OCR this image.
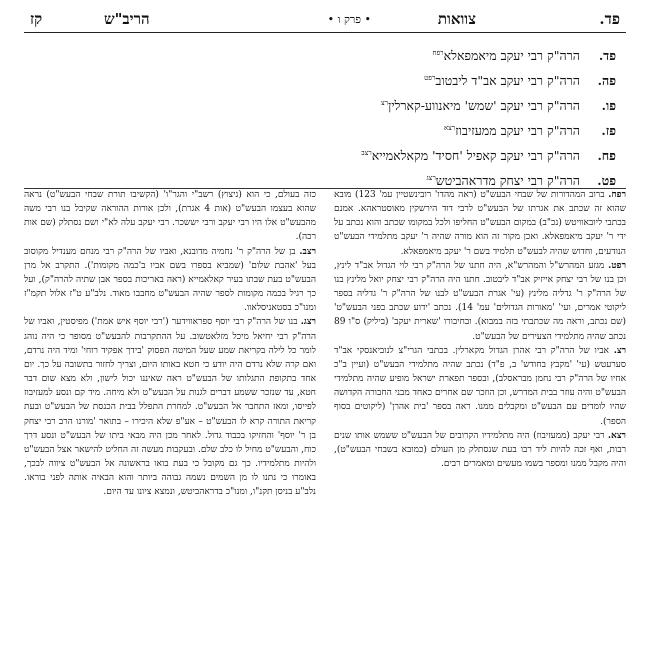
פד.
צוואות
• פרק ו •
הריב"ש
קז
פד.
הרה"ק רבי יעקב מיאמפאלא$^{רפח}$
פה.
הרה"ק רבי יעקב אב"ד ליבטוב$^{רפט}$
פו.
הרה"ק רבי יעקב 'שמש' מיאנווע-קארלין$^{רצ}$
פז.
הרה"ק רבי יעקב ממעזיבוז$^{רצא}$
פח.
הרה"ק רבי יעקב קאפיל 'חסיד' מקאלאמייא$^{רצב}$
פט.
הרה"ק רבי יצחק מדראהביטש$^{רצג}$

רפח. ברוב המהדורות של שבחי הבעש"ט (ראה מהדו' רובינשטיין עמ' 123) מובא שהוא זה שכתב את אגרתו של הבעש"ט לרבי דוד הירשקין מאוסטראהא. אמנם בכתבי ליובאוויטש (נכ"ב) במקום הבעש"ט החליפו ולכל במקומו שכתב והוא נכתב על ידי ר' יעקב מיאמפאלא. ואכן מקור זה הוא מורה שהיה ר' יעקב מתלמידי הבעש"ט הנודעים, וחדוש שהיה לבעש"ט תלמיד בשם ר' יעקב מיאמפאלא.

רפט. מגזע המהרש"ל והמהרש"א, היה חתנו של הרה"ק רבי לוי הגדול אב"ד לינץ, וכן בנו של רבי יצחק אייזיק אב"ד ליבטוב. חתנו היה הרה"ק רבי יצחק יואל מלינץ בנו של הרה"ק ר' גדליה מלינץ (עי' אגרת הבעש"ט לבנו של הרה"ק ר' גדליה בספר ליקוטי אמרים, ועי' 'מאורות הגדולים' עמ' 14). נכתב 'ידוע שכתב בפני הבעש"ט' (שם נכתב, וראה מה שכתבתי בזה במבוא). ובחיבורו 'שארית יעקב' (ביליק) ס"ו 89 נכתב שהיה מתלמידי הצעירים של הבעש"ט.

רצ. אביו של הרה"ק רבי אהרן הגדול מקארלין. בכתבי הגרי"צ לנוביאנסקי אב"ד סערעטש (עי' 'מקבץ בחודש' ב, פ"ד) נכתב שהיה מתלמידי הבעש"ט (ועיין ב"כ אחיו של הרה"ק רבי נחמן מבראסלב), ובספר תפארת ישראל מופיע שהיה מתלמידי הבעש"ט והיה עוזר בבית המדרש, וכן הוזכר שם אחרים כאחד מבני החבורה הקדושה שהיו לומדים עם הבעש"ט ומקבלים ממנו. ראה בספר 'בית אהרן' (ליקוטים בסוף הספר).

רצא. רבי יעקב (ממעזיבוז) היה מתלמידיו הקרובים של הבעש"ט ששמש אותו שנים רבות, ואף זכה להיות ליד רבו בעת שנסתלק מן העולם (כמובא בשבחי הבעש"ט), והיה מקבל ממנו ומספר בשמו מעשים ומאמרים רבים.

כזה בעולם, כי הוא (ניצוץ) רשב"י והגר"ו' (הקשיבו תורת שבחי הבעש"ט) נראה שהוא בעצמו הבעש"ט (אות 4 אגרת), ולכן אורות ההוראה שקיבל בנו רבי משה מהבעש"ט אלו היו רבי יעקב ורבי יששכר. רבי יעקב עלה לא"י ושם נסתלק (שם אות רכה).

רצב. בן של הרה"ק ר' נחמיה מדובנא, ואביו של הרה"ק רבי מנחם מענדיל מקוסוב בעל 'אהבת שלום' (שמביא בספרו בשם אביו ב'כמה מקומות'). התקרב אל מרן הבעש"ט בעת שבתו בעיר קאלאמייא (ראה באריכות בספר אבן שתיה להרה"ק), ועל כך רגיל בכמה מקומות לספר שהיה הבעש"ט מחבבו מאוד. נלב"ע ט"ז אלול תקמ"ז ומנו"כ בסטאניסלאוו.

רצג. בנו של הרה"ק רבי יוסף ספראווידער ('רבי יוסף איש אמת') מפיסטין, ואביו של הרה"ק רבי יחיאל מיכל מזלאטשוב. על ההתקרבות להבעש"ט מסופר כי היה נוהג לומר כל לילה בקריאת שמע שעל המיטה הפסוק 'בידך אפקיד רוחי' ומיד היה נרדם, ואם קרה שלא נרדם היה יודע כי חטא באותו היום, וצריך לחזור בתשובה על כך. יום אחד בתקופת התגלותו של הבעש"ט ראה שאיננו יכול לישון, ולא מצא שום דבר חטא, עד שנזכר ששמע דברים לגנות על הבעש"ט ולא מיחה. מיד קם ונסע למעזיבוז לפייסו, ומאז התחבר אל הבעש"ט. למחרת התפלל בבית הכנסת של הבעש"ט ובעת קריאת התורה קרא לו הבעש"ט – אע"פ שלא היכירו – בתואר 'מורנו הרב רבי יצחק בן ר' יוסף' והחזיקו בכבוד גדול. לאחר מכן היה מבאי ביתו של הבעש"ט ונסע דרך כוח, והבעש"ט מחיל לו כלב שלם. ובעקבות מעשה זה החליט להישאר אצל הבעש"ט ולהיות מתלמידיו. כך גם מקובל כי בעת בואו בראשונה אל הבעש"ט ציווה לבכך, באומרו כי נתנו לו מן השמים נשמה גבוהה ביותר והוא הבאיה אותה לפני בוראו. נלב"ע בניסן תקנ"ו, ומנו"כ בדראהביטש, ונמצא ציונו עד היום.
